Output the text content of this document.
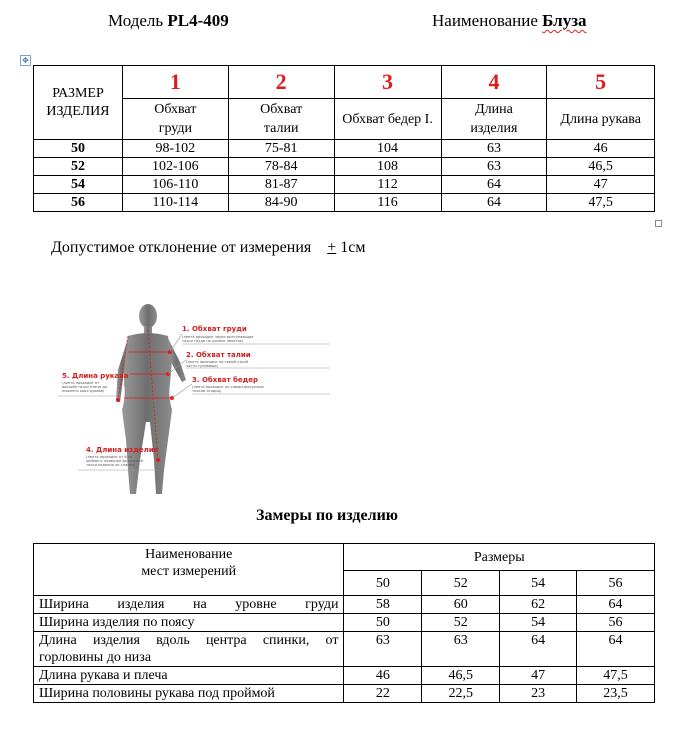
Модель PL4-409	Наименование Блуза
✥
РАЗМЕР ИЗДЕЛИЯ	1	2	3	4	5
	Обхват груди	Обхват талии	Обхват бедер I.	Длина изделия	Длина рукава
50	98-102	75-81	104	63	46
52	102-106	78-84	108	63	46,5
54	106-110	81-87	112	64	47
56	110-114	84-90	116	64	47,5
Допустимое отклонение от измерения + 1см
1. Обхват груди
(лента проходит через выступающие
точки груди на уровне лопаток)
2. Обхват талии
(лента проходит по самой узкой
части туловища)
3. Обхват бедер
(лента проходит по самым выпуклым
точкам ягодиц)
5. Длина рукава
(лента проходит от
высшей точки плеча до
нижнего края рукава)
4. Длина изделия
(лента проходит от 6-го
шейного позвонка до нижней
точки изделия по спинке)
Замеры по изделию
Наименование
мест измерений	Размеры			
	50	52	54	56
Ширина изделия на уровне груди	58	60	62	64
Ширина изделия по поясу	50	52	54	56
Длина изделия вдоль центра спинки, от горловины до низа	63	63	64	64
Длина рукава и плеча	46	46,5	47	47,5
Ширина половины рукава под проймой	22	22,5	23	23,5
